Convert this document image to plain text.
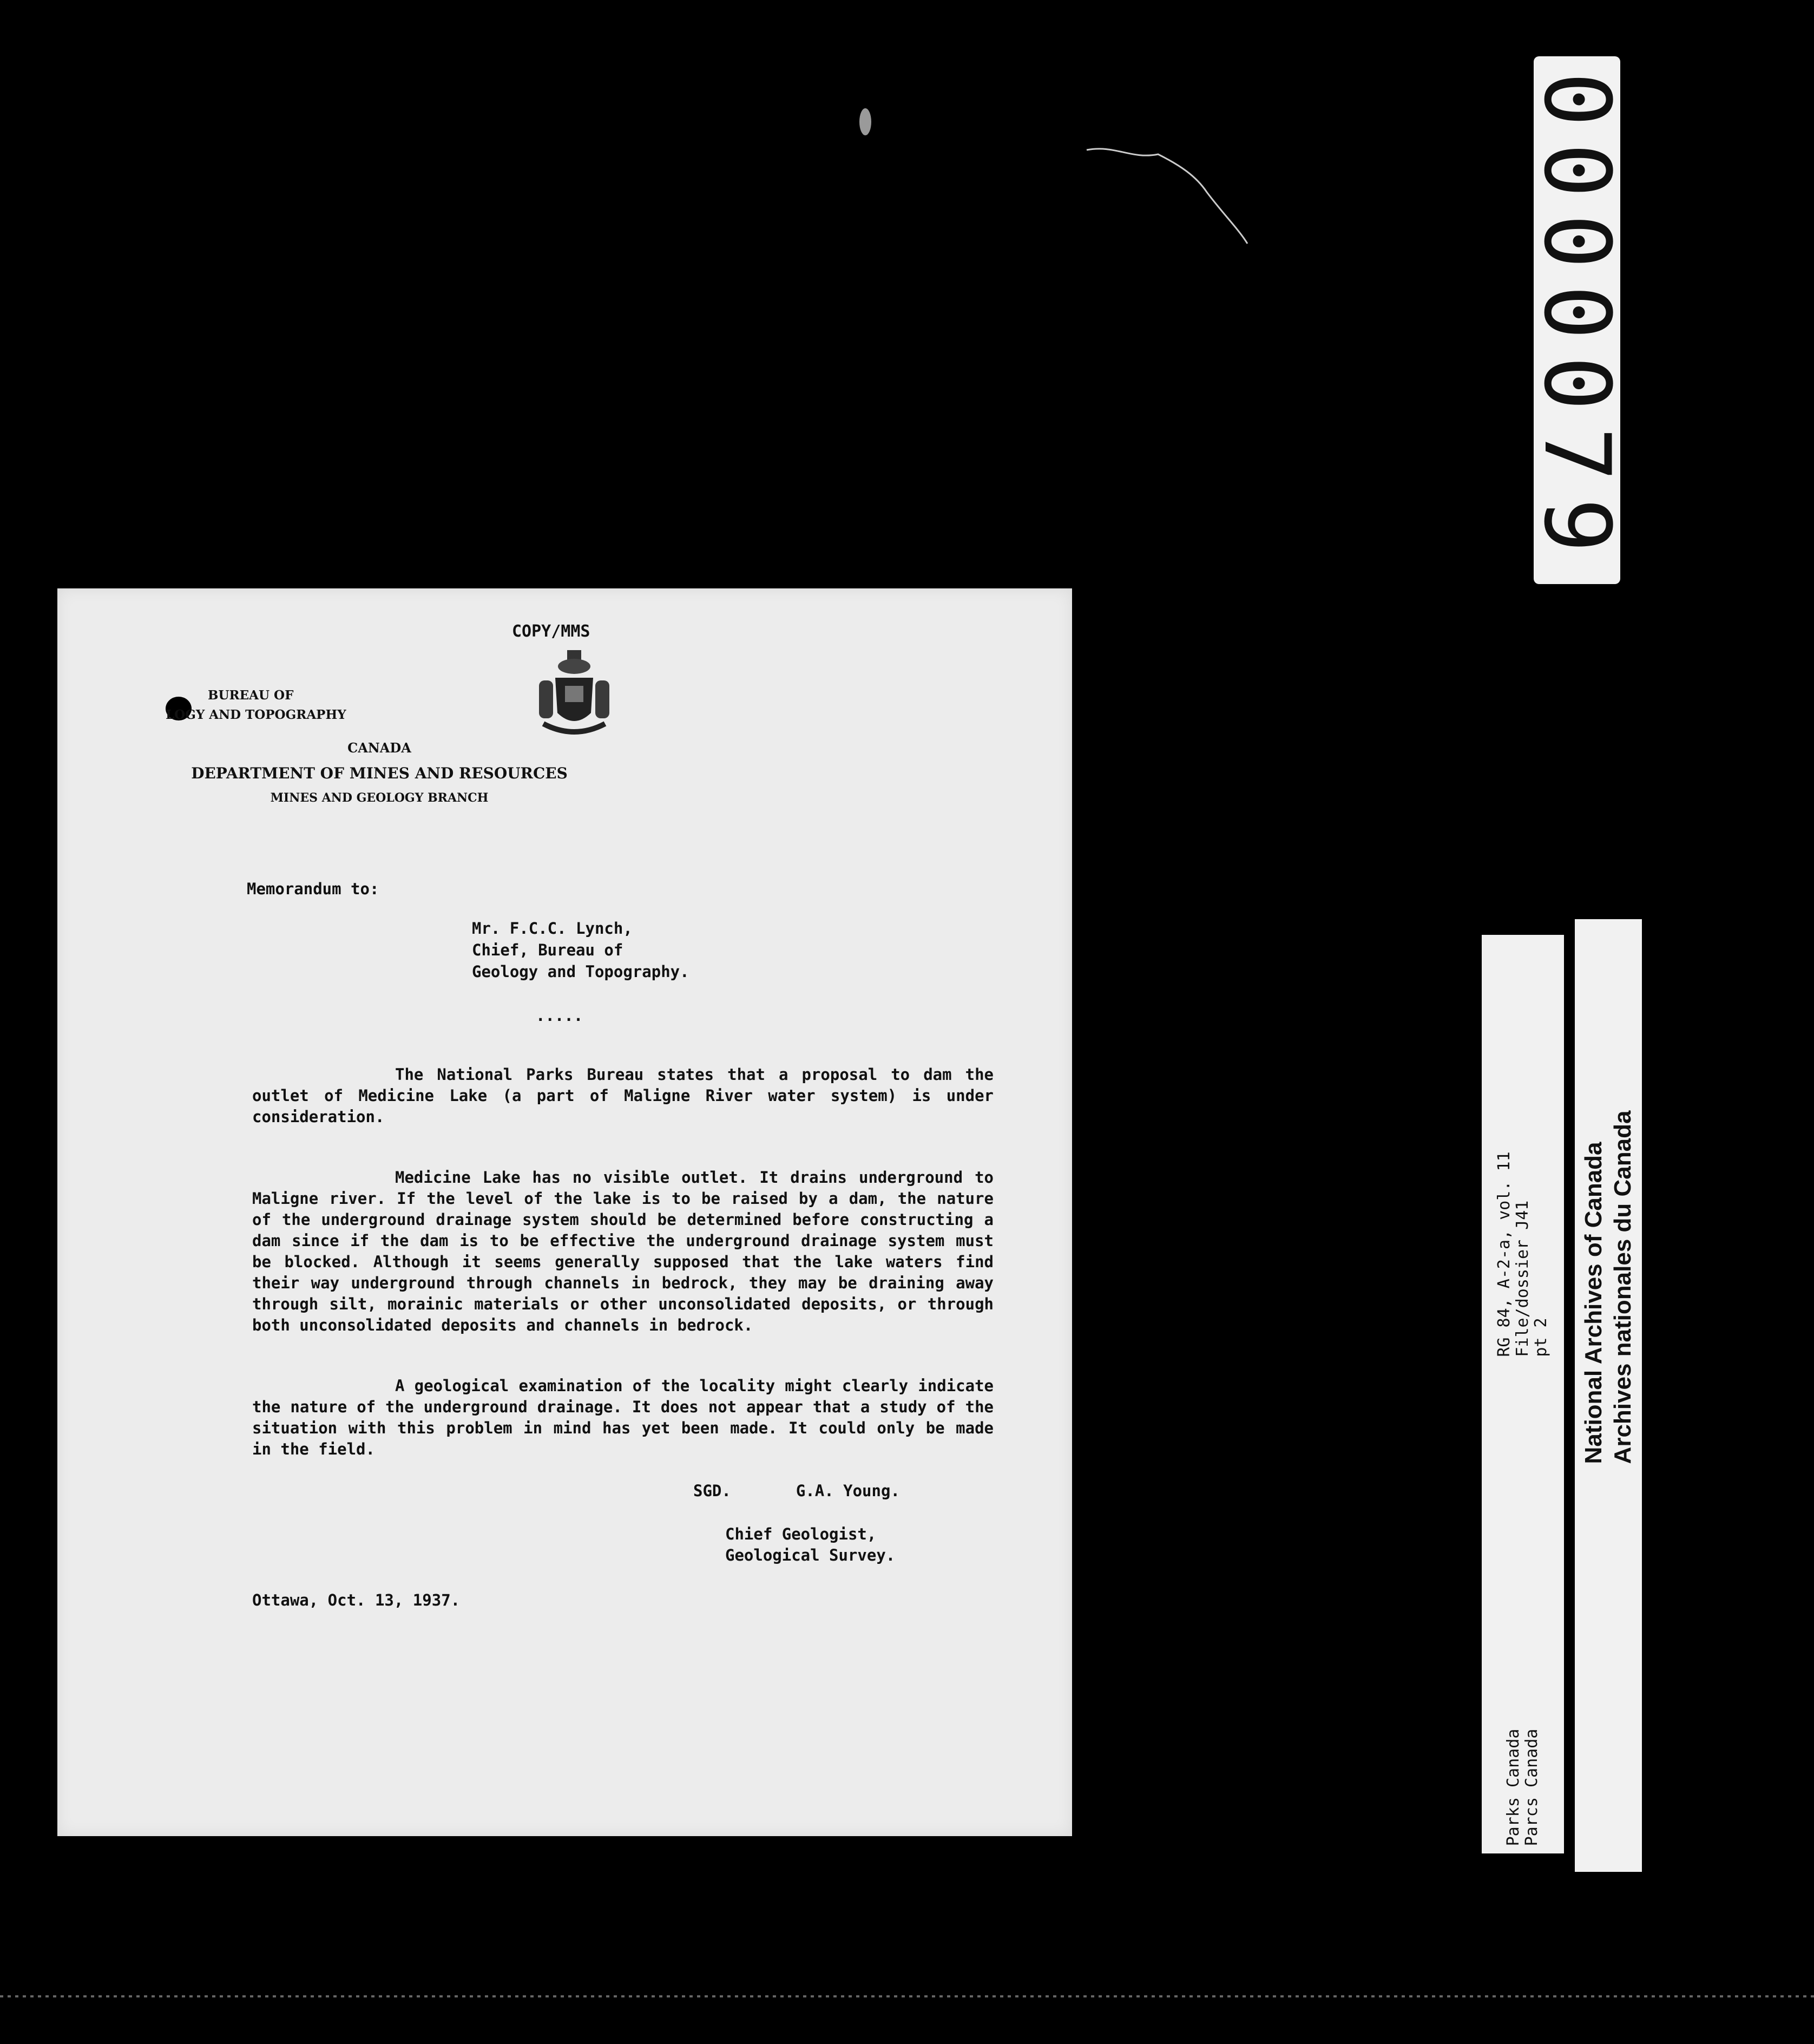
0000079
COPY/MMS
BUREAU OF
LOGY AND TOPOGRAPHY
CANADA
DEPARTMENT OF MINES AND RESOURCES
MINES AND GEOLOGY BRANCH
Memorandum to:
Mr. F.C.C. Lynch,
Chief, Bureau of
Geology and Topography.
.....

The National Parks Bureau states that a proposal to dam the outlet of Medicine Lake (a part of Maligne River water system) is under consideration.

Medicine Lake has no visible outlet. It drains underground to Maligne river. If the level of the lake is to be raised by a dam, the nature of the underground drainage system should be determined before constructing a dam since if the dam is to be effective the underground drainage system must be blocked. Although it seems generally supposed that the lake waters find their way underground through channels in bedrock, they may be draining away through silt, morainic materials or other unconsolidated deposits, or through both unconsolidated deposits and channels in bedrock.

A geological examination of the locality might clearly indicate the nature of the underground drainage. It does not appear that a study of the situation with this problem in mind has yet been made. It could only be made in the field.

SGD.	G.A. Young.
Chief Geologist,
Geological Survey.
Ottawa, Oct. 13, 1937.
RG 84, A-2-a, vol. 11
File/dossier J41
pt 2
Parks Canada
Parcs Canada
National Archives of Canada
Archives nationales du Canada
